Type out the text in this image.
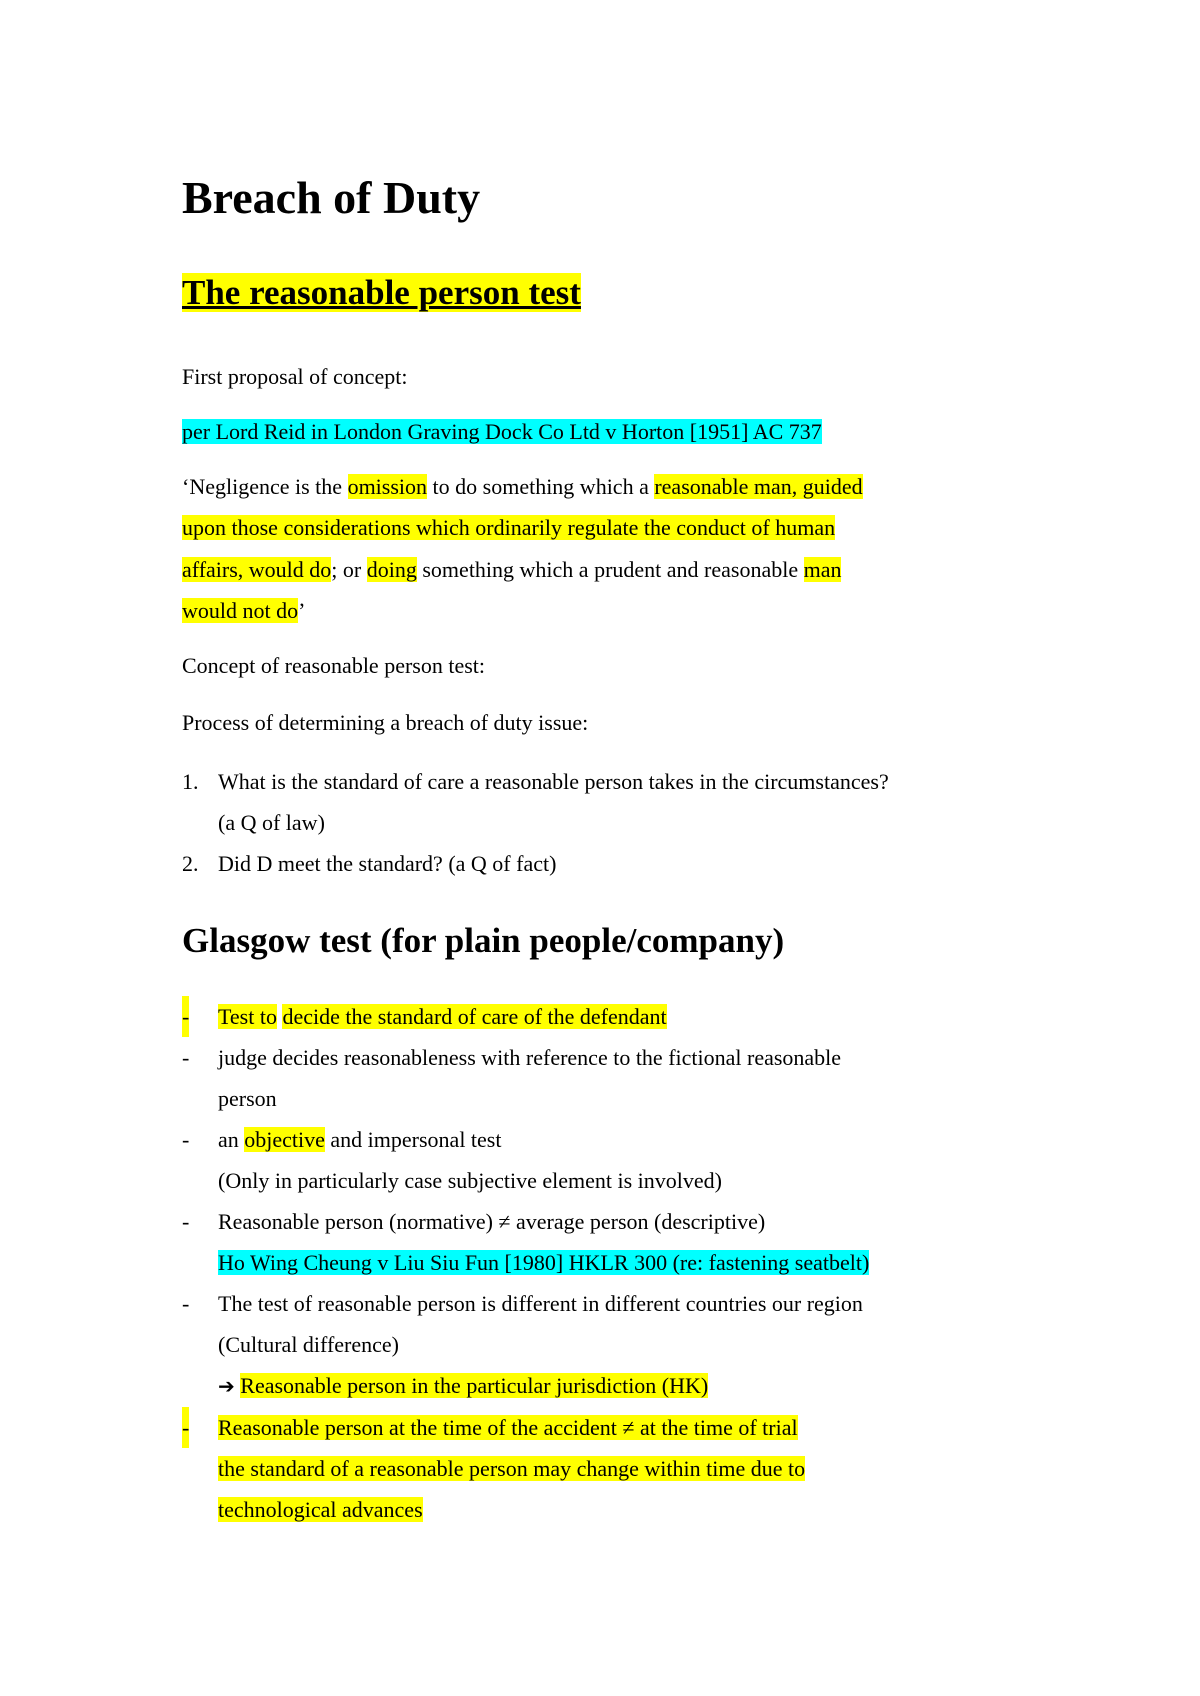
Breach of Duty
The reasonable person test

First proposal of concept:

per Lord Reid in London Graving Dock Co Ltd v Horton [1951] AC 737

‘Negligence is the omission to do something which a reasonable man, guided

upon those considerations which ordinarily regulate the conduct of human

affairs, would do; or doing something which a prudent and reasonable man

would not do’

Concept of reasonable person test:

Process of determining a breach of duty issue:

1. What is the standard of care a reasonable person takes in the circumstances?
(a Q of law)
2. Did D meet the standard? (a Q of fact)
Glasgow test (for plain people/company)
- Test to decide the standard of care of the defendant
- judge decides reasonableness with reference to the fictional reasonable
person
- an objective and impersonal test
(Only in particularly case subjective element is involved)
- Reasonable person (normative) ≠ average person (descriptive)
Ho Wing Cheung v Liu Siu Fun [1980] HKLR 300 (re: fastening seatbelt)
- The test of reasonable person is different in different countries our region
(Cultural difference)
➔ Reasonable person in the particular jurisdiction (HK)
- Reasonable person at the time of the accident ≠ at the time of trial
the standard of a reasonable person may change within time due to
technological advances
